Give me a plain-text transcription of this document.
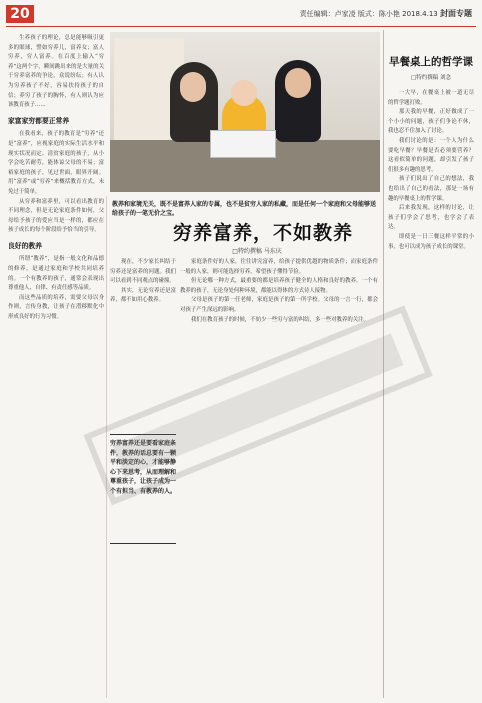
20	责任编辑：卢家凌 版式：陈小艳 2018.4.13 封面专题

生养孩子的理论，总是能够吸引更多的眼球，譬如穷养儿，富养女；富人穷养，穷人富养。在百度上输入“穷养”这两个字，瞬间跳出来的是大量的关于穷养富养的争论，众说纷纭；有人认为穷养孩子不好，容易扶持孩子的自信；养穷了孩子的胸怀，有人则认为应该教育孩子……

家富家穷都要正常养

在我看来，孩子的教育是“穷养”还是“富养”，应视家庭的实际生活水平和现实状况而定。清贫家庭的孩子，从小学会吃苦耐劳，能体谅父母的不易；富裕家庭的孩子，见过世面，眼界开阔。用“富养”或“穷养”来概括教育方式，未免过于简单。

从穷养和富养里，可以看出教育的不同理念，但是无论家庭条件如何，父母给予孩子的爱应当是一样的，都应在孩子成长的每个阶段给予恰当的引导。

良好的教养

所谓“教养”，是指一般文化和品德的修养，是通过家庭和学校共同培养的。一个有教养的孩子，通常会表现出尊重他人、自律、有责任感等品质。

而这些品质的培养，需要父母以身作则，言传身教，让孩子在潜移默化中形成良好的行为习惯。

教养和家境无关，既不是富养人家的专属，也不是贫穷人家的私藏，而是任何一个家庭和父母能够送给孩子的一笔无价之宝。
穷养富养，不如教养
□特约撰稿 马东庆

现在，不少家长纠结于穷养还是富养的问题。我们可以看到不同观点的碰撞。

其实，无论穷养还是富养，都不如用心教养。

家庭条件好的人家，往往讲究富养，给孩子提供优越的物质条件；而家庭条件一般的人家，则可能选择穷养，希望孩子懂得节俭。

但无论哪一种方式，最重要的都是培养孩子健全的人格和良好的教养。一个有教养的孩子，无论身处何种环境，都能以得体的方式待人接物。

父母是孩子的第一任老师，家庭是孩子的第一所学校。父母的一言一行，都会对孩子产生深远的影响。

我们在教育孩子的时候，不妨少一些穷与富的纠结，多一些对教养的关注。

穷养富养还是要看家庭条件，教养的话总要有一颗平和淡定的心，才能够静心下来思考，从而理解和尊重孩子，让孩子成为一个有担当、有教养的人。
早餐桌上的哲学课
□特约撰稿 刘念

一大早，在餐桌上被一道无尽的哲学题打败。

那天我的早餐，正好做成了一个小小的问题，孩子们争论不休，我也忍不住加入了讨论。

我们讨论的是：一个人为什么要吃早餐？早餐是否必须要营养？这看似简单的问题，却引发了孩子们很多有趣的思考。

孩子们说出了自己的想法，我也给出了自己的看法，那是一场有趣的早餐桌上的哲学课。

后来我发现，这样的讨论，让孩子们学会了思考，也学会了表达。

即使是一日三餐这样平常的小事，也可以成为孩子成长的课堂。
